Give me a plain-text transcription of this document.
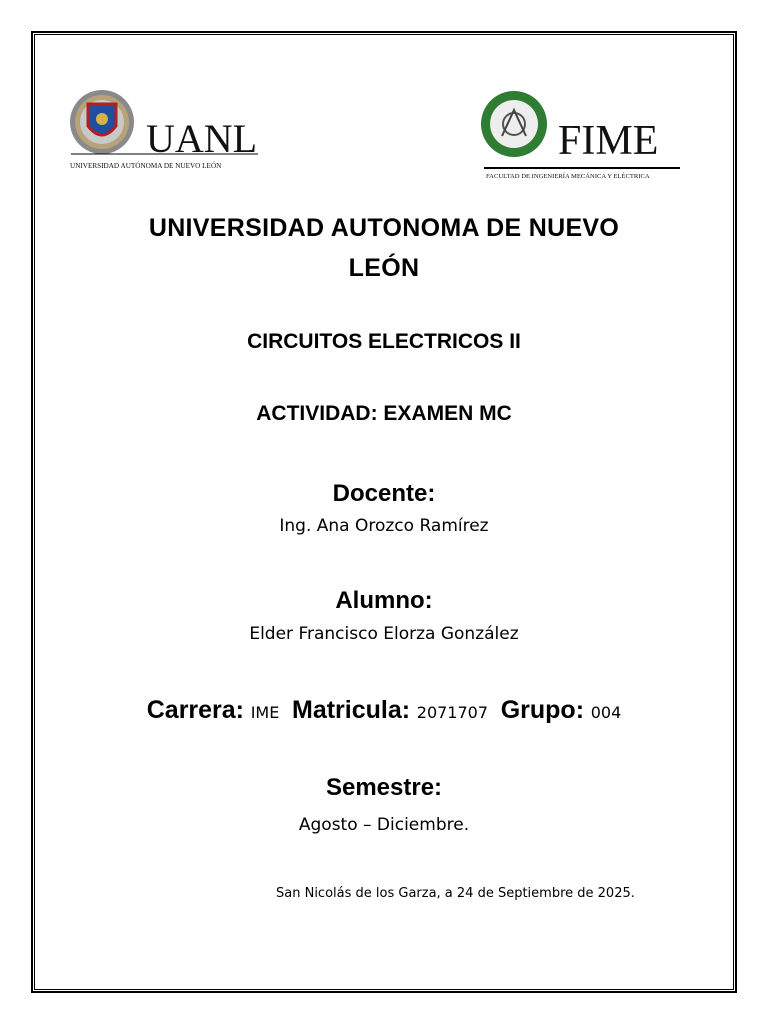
UANL
UNIVERSIDAD AUTÓNOMA DE NUEVO LEÓN
FIME
FACULTAD DE INGENIERÍA MECÁNICA Y ELÉCTRICA
UNIVERSIDAD AUTONOMA DE NUEVO LEÓN
CIRCUITOS ELECTRICOS II
ACTIVIDAD: EXAMEN MC
Docente:
Ing. Ana Orozco Ramírez
Alumno:
Elder Francisco Elorza González
Carrera: IME Matricula: 2071707 Grupo: 004
Semestre:
Agosto – Diciembre.
San Nicolás de los Garza, a 24 de Septiembre de 2025.
